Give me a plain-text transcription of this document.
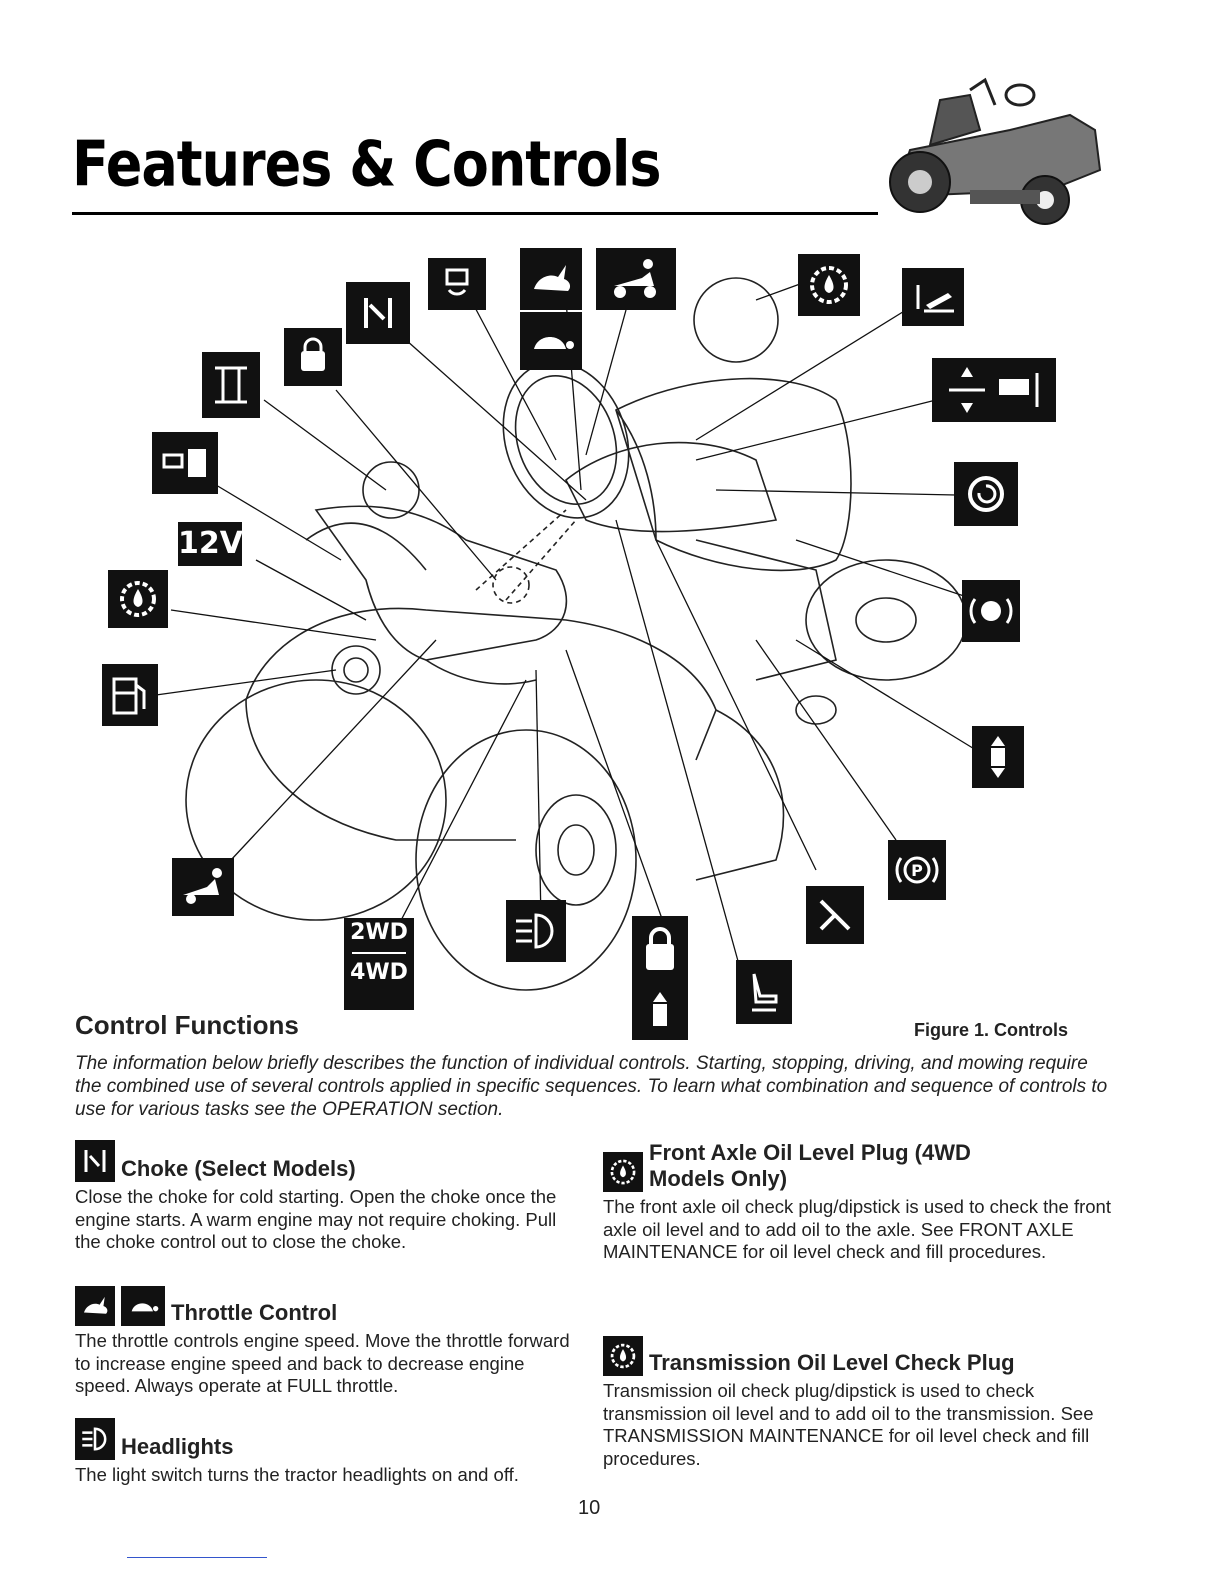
Features & Controls
12V
2WD
4WD
P
Control Functions	Figure 1. Controls
The information below briefly describes the function of individual controls. Starting, stopping, driving, and mowing require the combined use of several controls applied in specific sequences. To learn what combination and sequence of controls to use for various tasks see the OPERATION section.
Choke (Select Models)
Close the choke for cold starting. Open the choke once the engine starts. A warm engine may not require choking. Pull the choke control out to close the choke.
Throttle Control
The throttle controls engine speed. Move the throttle forward to increase engine speed and back to decrease engine speed. Always operate at FULL throttle.
Headlights
The light switch turns the tractor headlights on and off.
Front Axle Oil Level Plug (4WD Models Only)
The front axle oil check plug/dipstick is used to check the front axle oil level and to add oil to the axle. See FRONT AXLE MAINTENANCE for oil level check and fill procedures.
Transmission Oil Level Check Plug
Transmission oil check plug/dipstick is used to check transmission oil level and to add oil to the transmission. See TRANSMISSION MAINTENANCE for oil level check and fill procedures.
10
